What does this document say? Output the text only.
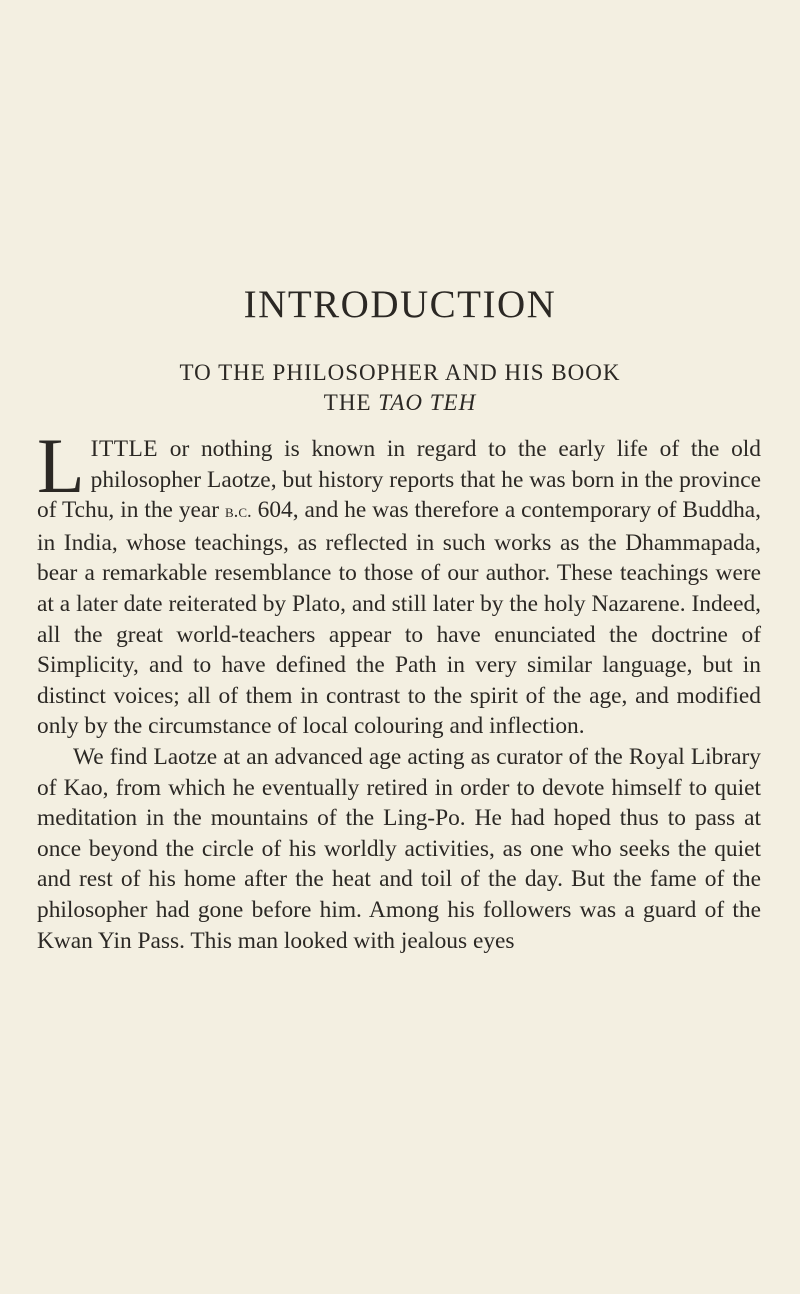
INTRODUCTION
TO THE PHILOSOPHER AND HIS BOOK
THE TAO TEH

LITTLE or nothing is known in regard to the early life of the old philosopher Laotze, but history reports that he was born in the province of Tchu, in the year b.c. 604, and he was therefore a contemporary of Buddha, in India, whose teachings, as reflected in such works as the Dhammapada, bear a remarkable resemblance to those of our author. These teachings were at a later date reiterated by Plato, and still later by the holy Nazarene. Indeed, all the great world-teachers appear to have enunciated the doctrine of Simplicity, and to have defined the Path in very similar language, but in distinct voices; all of them in contrast to the spirit of the age, and modified only by the circumstance of local colouring and inflection.

We find Laotze at an advanced age acting as curator of the Royal Library of Kao, from which he eventually retired in order to devote himself to quiet meditation in the mountains of the Ling-Po. He had hoped thus to pass at once beyond the circle of his worldly activities, as one who seeks the quiet and rest of his home after the heat and toil of the day. But the fame of the philosopher had gone before him. Among his followers was a guard of the Kwan Yin Pass. This man looked with jealous eyes
